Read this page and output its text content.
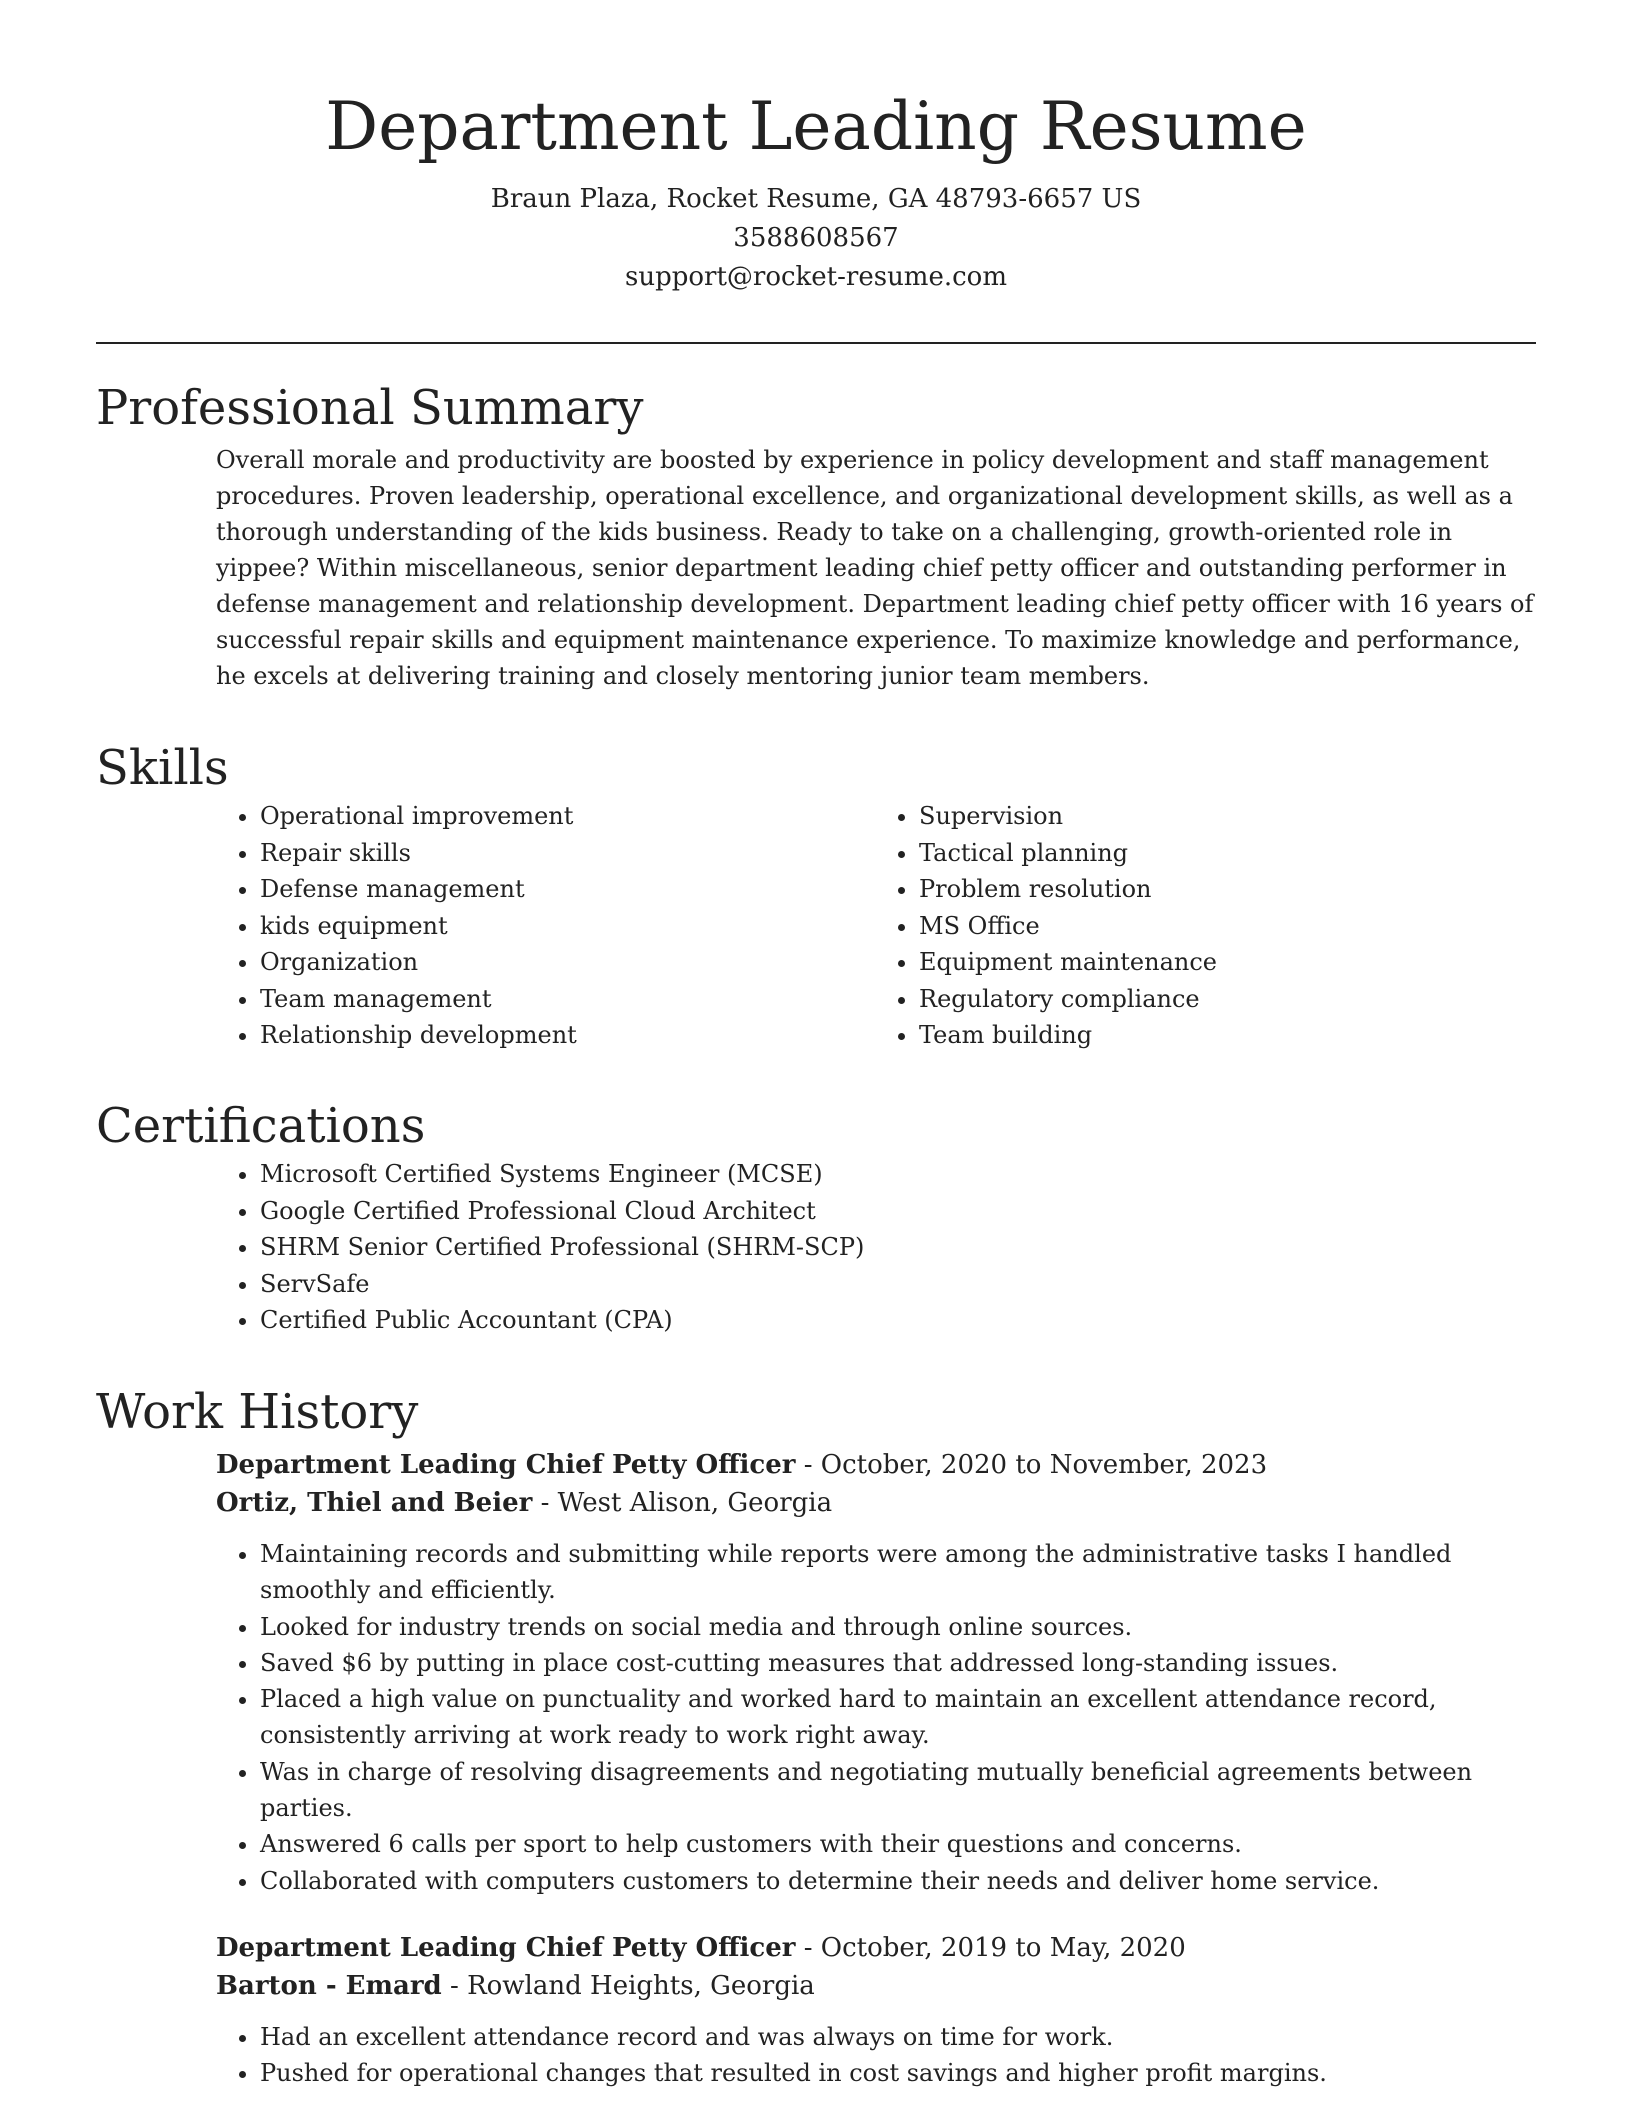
Department Leading Resume
Braun Plaza, Rocket Resume, GA 48793-6657 US
3588608567
support@rocket-resume.com
Professional Summary

Overall morale and productivity are boosted by experience in policy development and staff management procedures. Proven leadership, operational excellence, and organizational development skills, as well as a thorough understanding of the kids business. Ready to take on a challenging, growth-oriented role in yippee? Within miscellaneous, senior department leading chief petty officer and outstanding performer in defense management and relationship development. Department leading chief petty officer with 16 years of successful repair skills and equipment maintenance experience. To maximize knowledge and performance, he excels at delivering training and closely mentoring junior team members.

Skills
• Operational improvement
• Repair skills
• Defense management
• kids equipment
• Organization
• Team management
• Relationship development
• Supervision
• Tactical planning
• Problem resolution
• MS Office
• Equipment maintenance
• Regulatory compliance
• Team building
Certifications
• Microsoft Certified Systems Engineer (MCSE)
• Google Certified Professional Cloud Architect
• SHRM Senior Certified Professional (SHRM-SCP)
• ServSafe
• Certified Public Accountant (CPA)
Work History
Department Leading Chief Petty Officer - October, 2020 to November, 2023
Ortiz, Thiel and Beier - West Alison, Georgia
• Maintaining records and submitting while reports were among the administrative tasks I handled smoothly and efficiently.
• Looked for industry trends on social media and through online sources.
• Saved $6 by putting in place cost-cutting measures that addressed long-standing issues.
• Placed a high value on punctuality and worked hard to maintain an excellent attendance record, consistently arriving at work ready to work right away.
• Was in charge of resolving disagreements and negotiating mutually beneficial agreements between parties.
• Answered 6 calls per sport to help customers with their questions and concerns.
• Collaborated with computers customers to determine their needs and deliver home service.
Department Leading Chief Petty Officer - October, 2019 to May, 2020
Barton - Emard - Rowland Heights, Georgia
• Had an excellent attendance record and was always on time for work.
• Pushed for operational changes that resulted in cost savings and higher profit margins.
